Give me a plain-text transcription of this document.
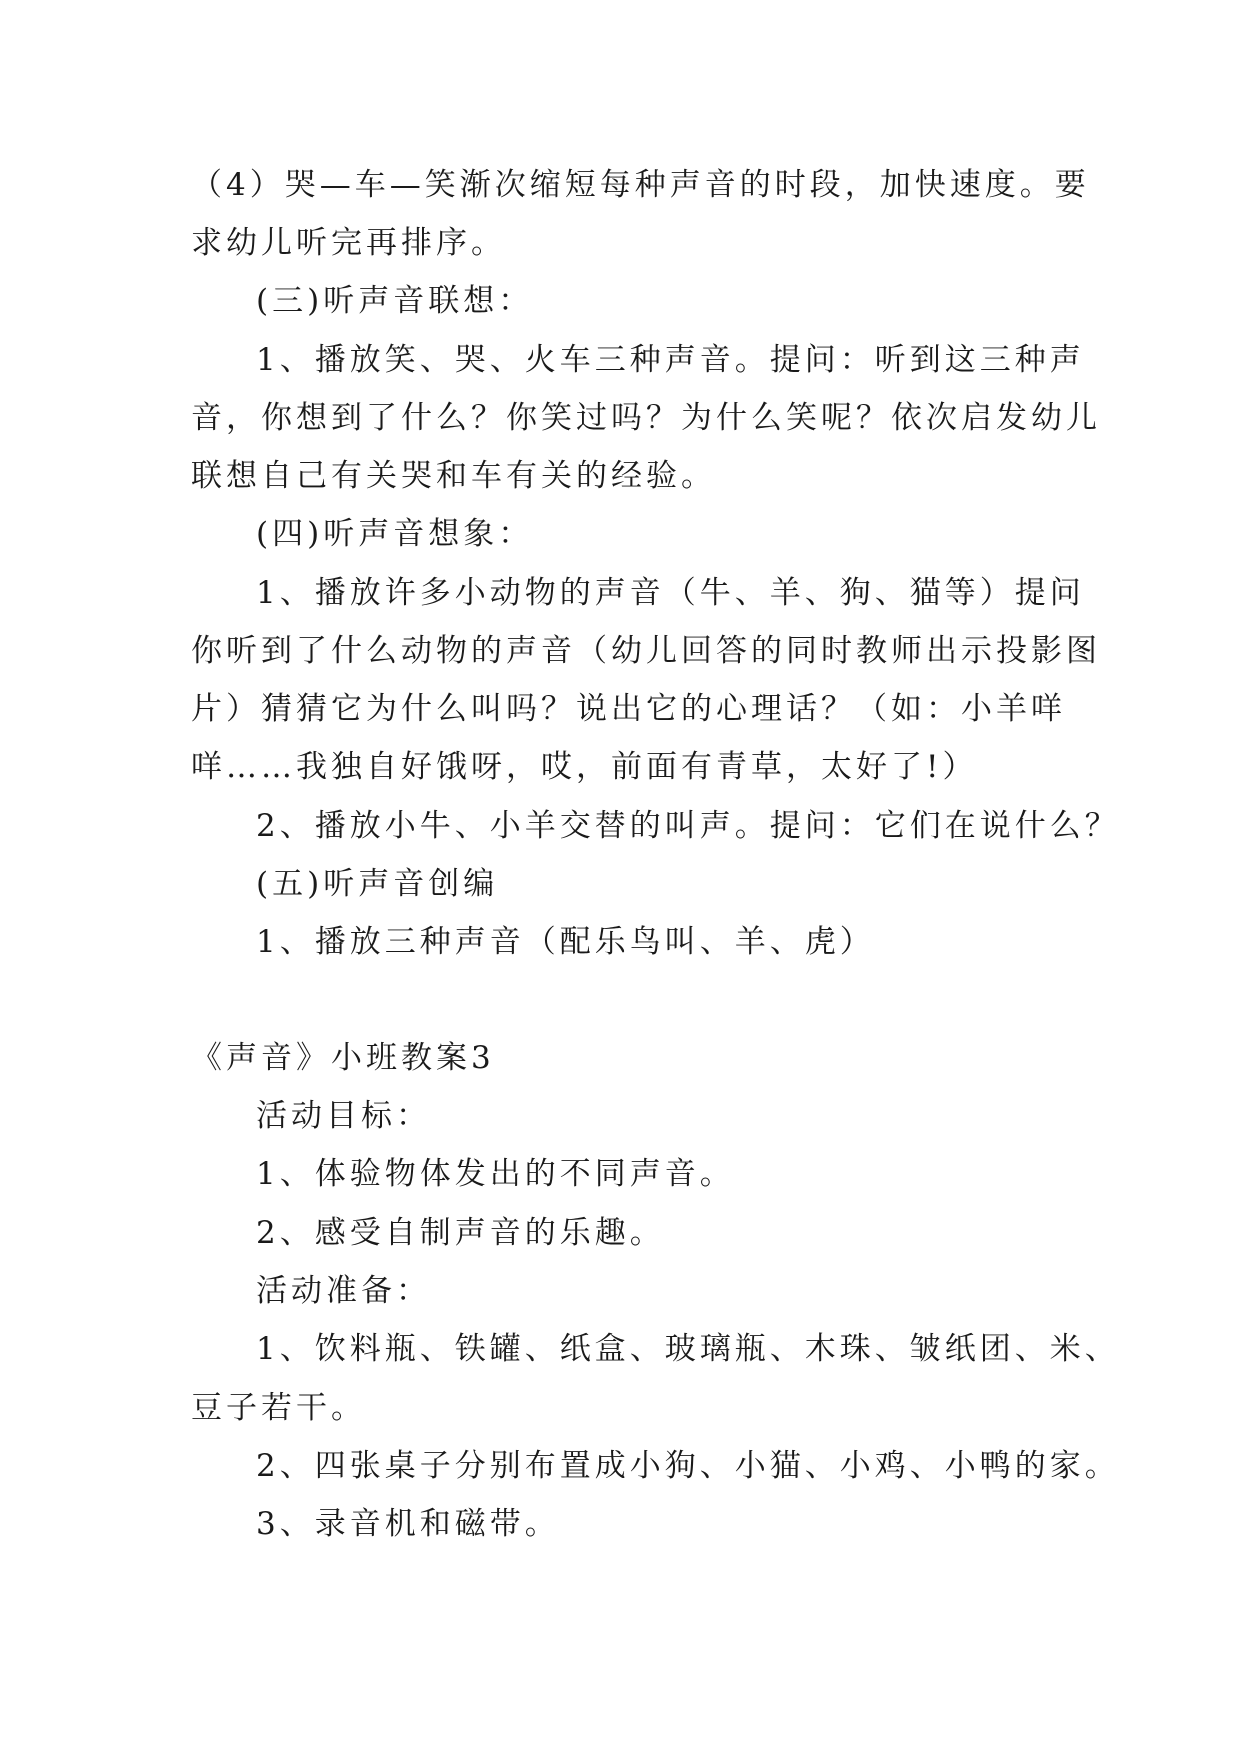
（4）哭—车—笑渐次缩短每种声音的时段，加快速度。要
求幼儿听完再排序。
(三)听声音联想：
1、播放笑、哭、火车三种声音。提问：听到这三种声
音，你想到了什么？你笑过吗？为什么笑呢？依次启发幼儿
联想自己有关哭和车有关的经验。
(四)听声音想象：
1、播放许多小动物的声音（牛、羊、狗、猫等）提问
你听到了什么动物的声音（幼儿回答的同时教师出示投影图
片）猜猜它为什么叫吗？说出它的心理话？（如：小羊咩
咩……我独自好饿呀，哎，前面有青草，太好了!）
2、播放小牛、小羊交替的叫声。提问：它们在说什么？
(五)听声音创编
1、播放三种声音（配乐鸟叫、羊、虎）
《声音》小班教案3
活动目标：
1、体验物体发出的不同声音。
2、感受自制声音的乐趣。
活动准备：
1、饮料瓶、铁罐、纸盒、玻璃瓶、木珠、皱纸团、米、
豆子若干。
2、四张桌子分别布置成小狗、小猫、小鸡、小鸭的家。
3、录音机和磁带。
